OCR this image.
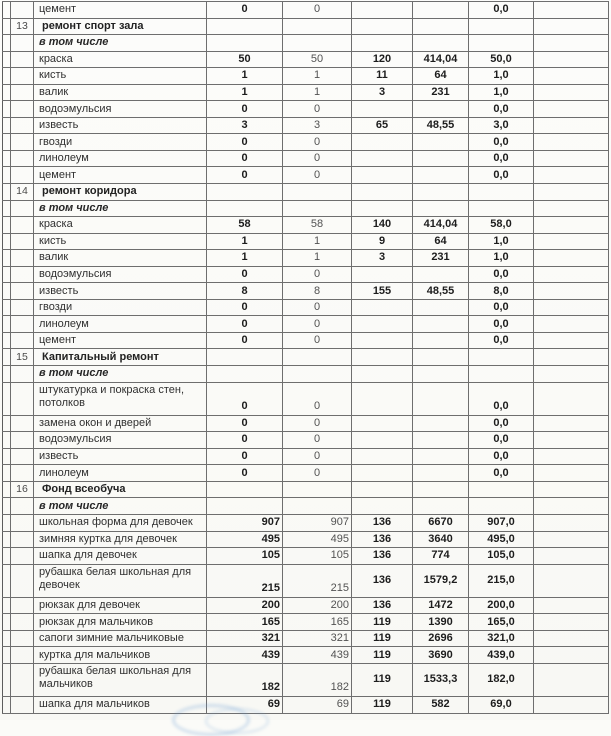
		цемент	0	0			0,0	
	13	ремонт спорт зала						
		в том числе						
		краска	50	50	120	414,04	50,0	
		кисть	1	1	11	64	1,0	
		валик	1	1	3	231	1,0	
		водоэмульсия	0	0			0,0	
		известь	3	3	65	48,55	3,0	
		гвозди	0	0			0,0	
		линолеум	0	0			0,0	
		цемент	0	0			0,0	
	14	ремонт коридора						
		в том числе						
		краска	58	58	140	414,04	58,0	
		кисть	1	1	9	64	1,0	
		валик	1	1	3	231	1,0	
		водоэмульсия	0	0			0,0	
		известь	8	8	155	48,55	8,0	
		гвозди	0	0			0,0	
		линолеум	0	0			0,0	
		цемент	0	0			0,0	
	15	Капитальный ремонт						
		в том числе						
		штукатурка и покраска стен, потолков	0	0			0,0	
		замена окон и дверей	0	0			0,0	
		водоэмульсия	0	0			0,0	
		известь	0	0			0,0	
		линолеум	0	0			0,0	
	16	Фонд всеобуча						
		в том числе						
		школьная форма для девочек	907	907	136	6670	907,0	
		зимняя куртка для девочек	495	495	136	3640	495,0	
		шапка для девочек	105	105	136	774	105,0	
		рубашка белая школьная для девочек	215	215	136	1579,2	215,0	
		рюкзак для девочек	200	200	136	1472	200,0	
		рюкзак для мальчиков	165	165	119	1390	165,0	
		сапоги зимние мальчиковые	321	321	119	2696	321,0	
		куртка для мальчиков	439	439	119	3690	439,0	
		рубашка белая школьная для мальчиков	182	182	119	1533,3	182,0	
		шапка для мальчиков	69	69	119	582	69,0	
